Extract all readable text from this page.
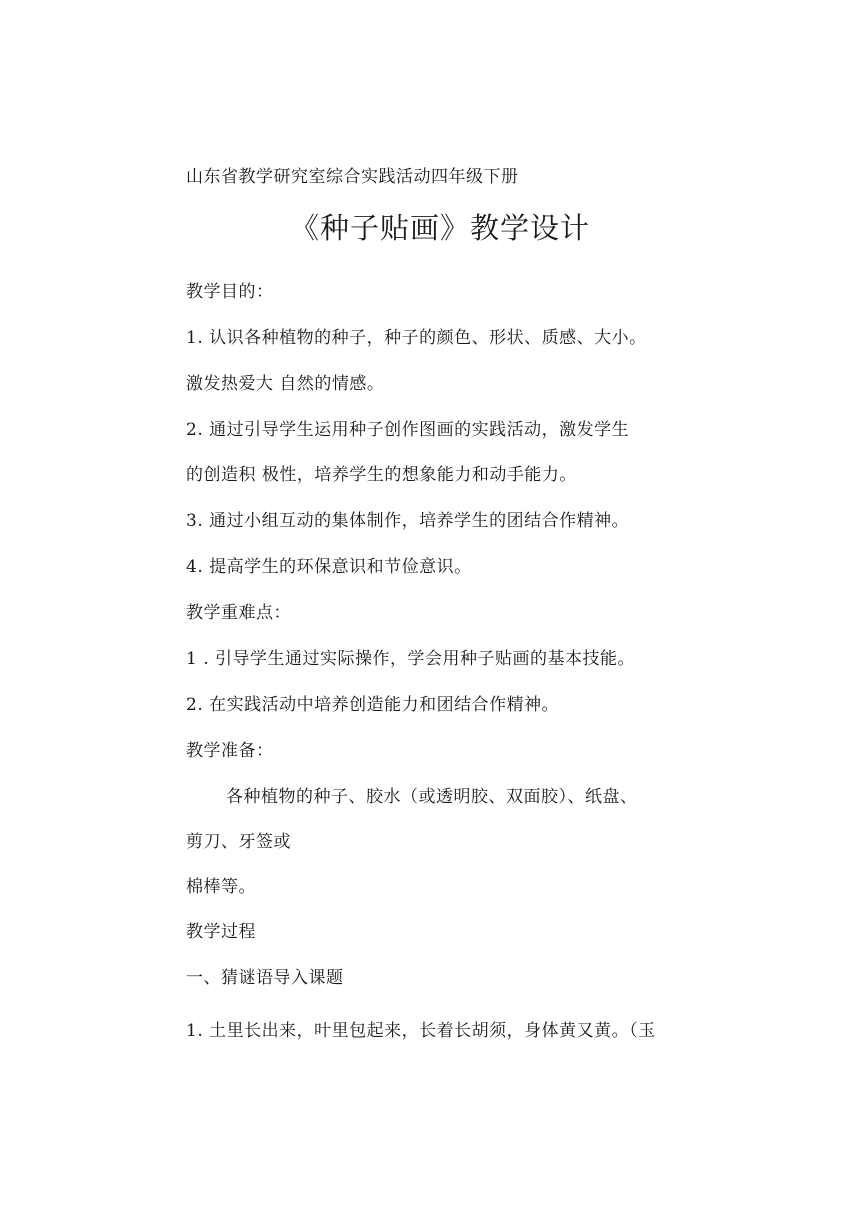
山东省教学研究室综合实践活动四年级下册
《种子贴画》教学设计
教学目的：
1. 认识各种植物的种子，种子的颜色、形状、质感、大小。
激发热爱大 自然的情感。
2. 通过引导学生运用种子创作图画的实践活动，激发学生
的创造积 极性，培养学生的想象能力和动手能力。
3. 通过小组互动的集体制作，培养学生的团结合作精神。
4. 提高学生的环保意识和节俭意识。
教学重难点：
1 . 引导学生通过实际操作，学会用种子贴画的基本技能。
2. 在实践活动中培养创造能力和团结合作精神。
教学准备：
各种植物的种子、胶水（或透明胶、双面胶）、纸盘、
剪刀、牙签或
棉棒等。
教学过程
一、猜谜语导入课题
1. 土里长出来，叶里包起来，长着长胡须，身体黄又黄。（玉
